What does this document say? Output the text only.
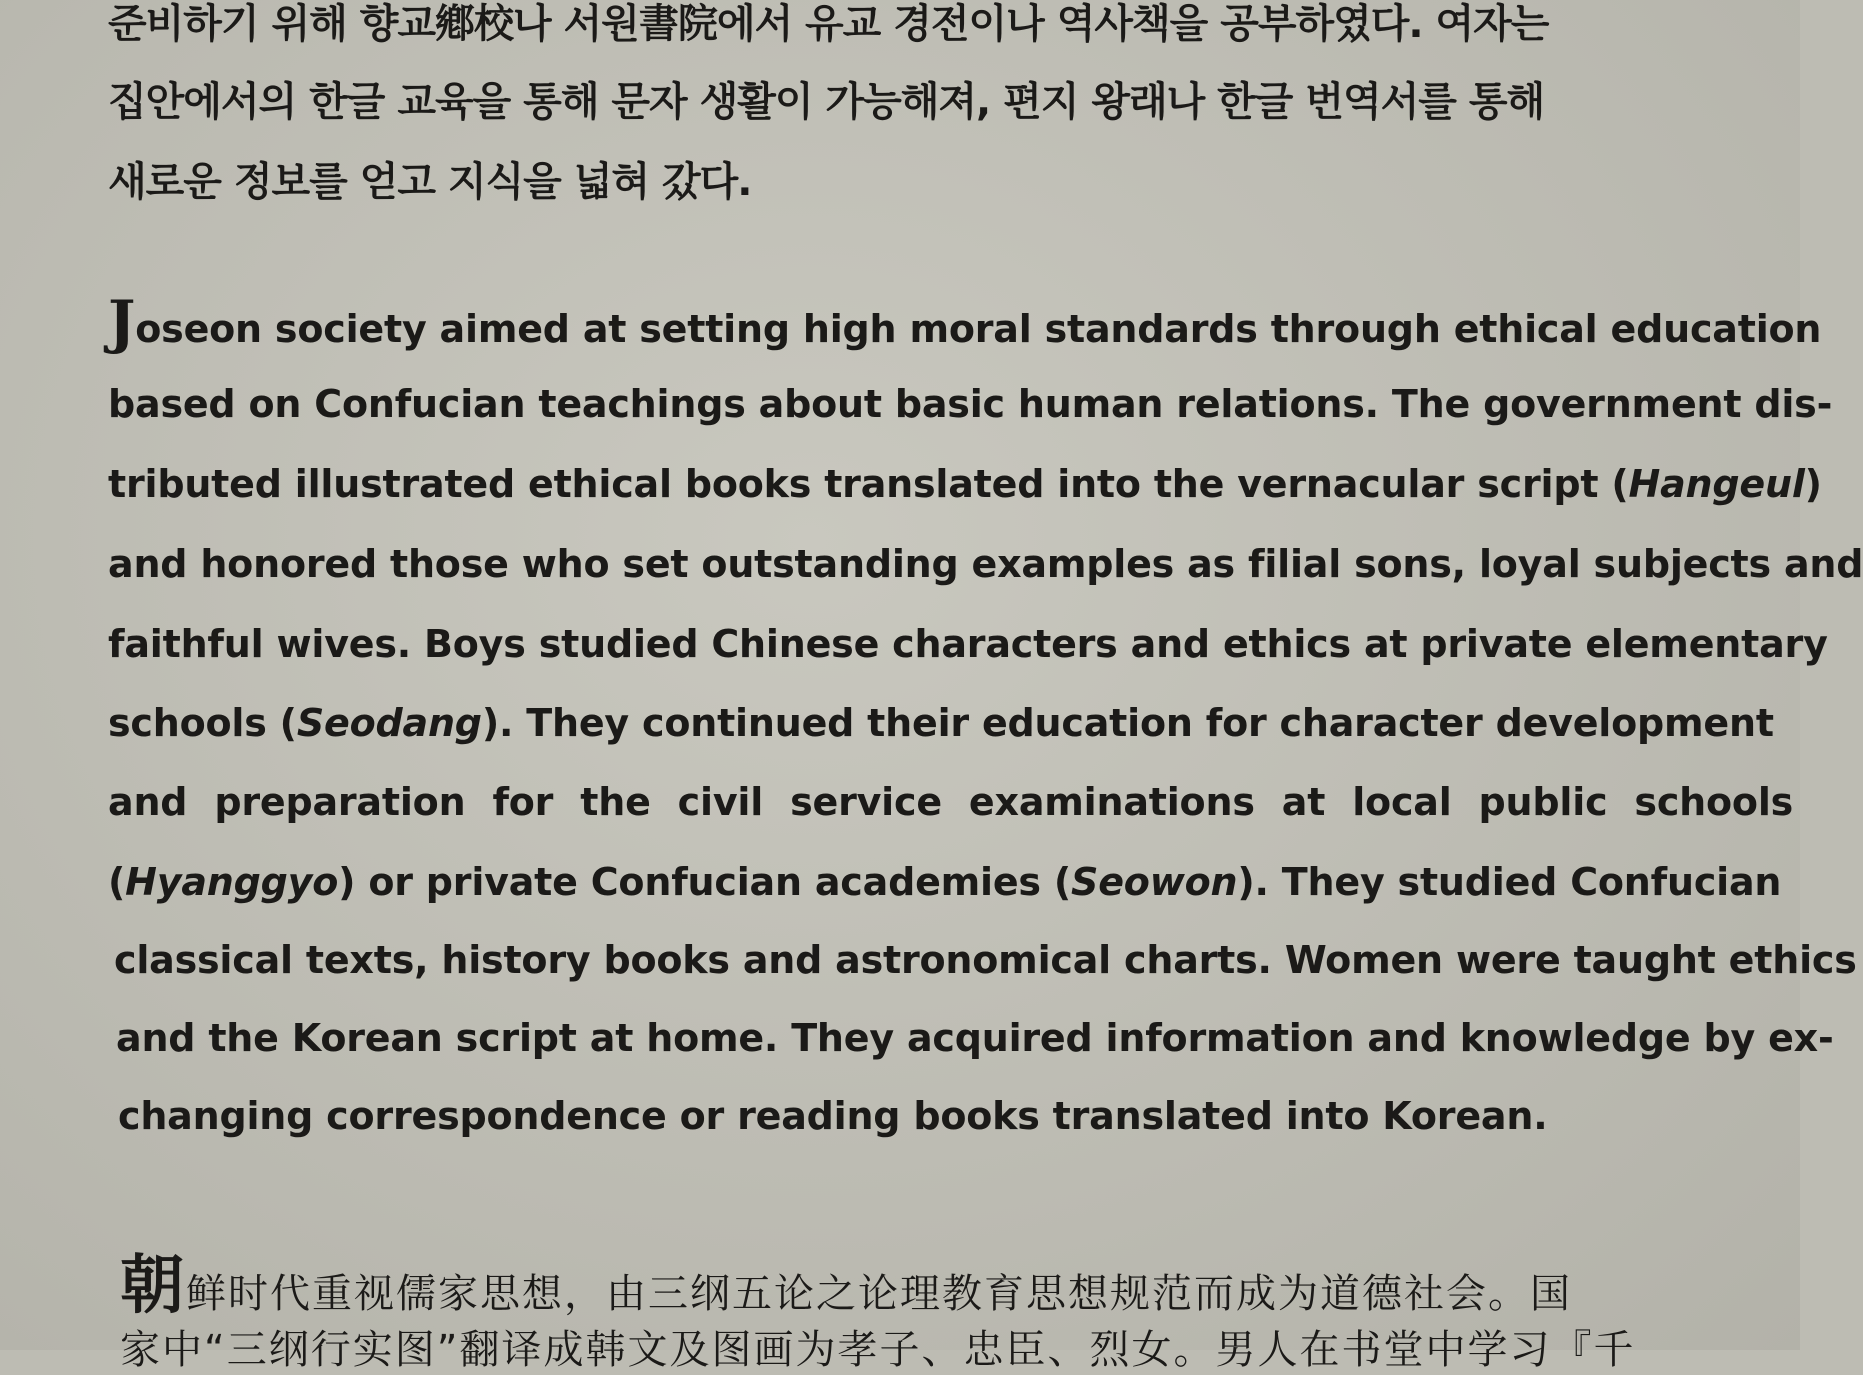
준비하기 위해 향교鄕校나 서원書院에서 유교 경전이나 역사책을 공부하였다. 여자는
집안에서의 한글 교육을 통해 문자 생활이 가능해져, 편지 왕래나 한글 번역서를 통해
새로운 정보를 얻고 지식을 넓혀 갔다.
Joseon society aimed at setting high moral standards through ethical education
based on Confucian teachings about basic human relations. The government dis-
tributed illustrated ethical books translated into the vernacular script (Hangeul)
and honored those who set outstanding examples as filial sons, loyal subjects and
faithful wives. Boys studied Chinese characters and ethics at private elementary
schools (Seodang). They continued their education for character development
and preparation for the civil service examinations at local public schools
(Hyanggyo) or private Confucian academies (Seowon). They studied Confucian
classical texts, history books and astronomical charts. Women were taught ethics
and the Korean script at home. They acquired information and knowledge by ex-
changing correspondence or reading books translated into Korean.
朝鲜时代重视儒家思想，由三纲五论之论理教育思想规范而成为道德社会。国
家中“三纲行实图”翻译成韩文及图画为孝子、忠臣、烈女。男人在书堂中学习『千
